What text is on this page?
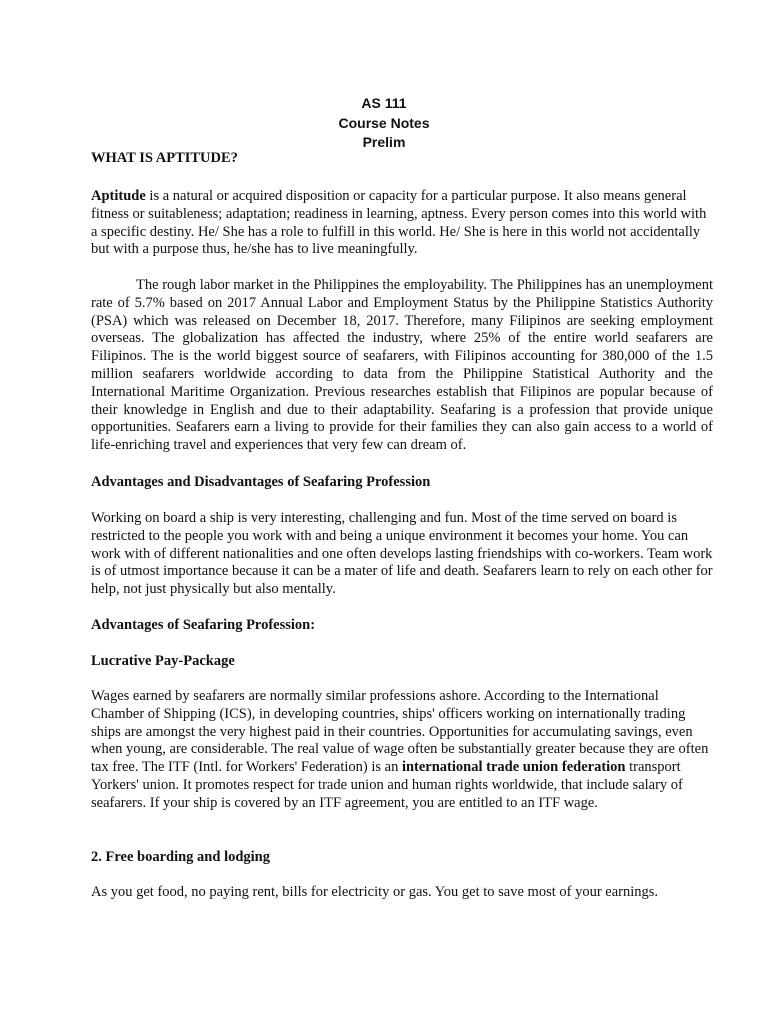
AS 111
Course Notes
Prelim
WHAT IS APTITUDE?
Aptitude is a natural or acquired disposition or capacity for a particular purpose. It also means general fitness or suitableness; adaptation; readiness in learning, aptness. Every person comes into this world with a specific destiny. He/ She has a role to fulfill in this world. He/ She is here in this world not accidentally but with a purpose thus, he/she has to live meaningfully.
The rough labor market in the Philippines the employability. The Philippines has an unemployment rate of 5.7% based on 2017 Annual Labor and Employment Status by the Philippine Statistics Authority (PSA) which was released on December 18, 2017. Therefore, many Filipinos are seeking employment overseas. The globalization has affected the industry, where 25% of the entire world seafarers are Filipinos. The is the world biggest source of seafarers, with Filipinos accounting for 380,000 of the 1.5 million seafarers worldwide according to data from the Philippine Statistical Authority and the International Maritime Organization. Previous researches establish that Filipinos are popular because of their knowledge in English and due to their adaptability. Seafaring is a profession that provide unique opportunities. Seafarers earn a living to provide for their families they can also gain access to a world of life-enriching travel and experiences that very few can dream of.
Advantages and Disadvantages of Seafaring Profession
Working on board a ship is very interesting, challenging and fun. Most of the time served on board is restricted to the people you work with and being a unique environment it becomes your home. You can work with of different nationalities and one often develops lasting friendships with co-workers. Team work is of utmost importance because it can be a mater of life and death. Seafarers learn to rely on each other for help, not just physically but also mentally.
Advantages of Seafaring Profession:
Lucrative Pay-Package
Wages earned by seafarers are normally similar professions ashore. According to the International Chamber of Shipping (ICS), in developing countries, ships' officers working on internationally trading ships are amongst the very highest paid in their countries. Opportunities for accumulating savings, even when young, are considerable. The real value of wage often be substantially greater because they are often tax free. The ITF (Intl. for Workers' Federation) is an international trade union federation transport Yorkers' union. It promotes respect for trade union and human rights worldwide, that include salary of seafarers. If your ship is covered by an ITF agreement, you are entitled to an ITF wage.
2. Free boarding and lodging
As you get food, no paying rent, bills for electricity or gas. You get to save most of your earnings.
